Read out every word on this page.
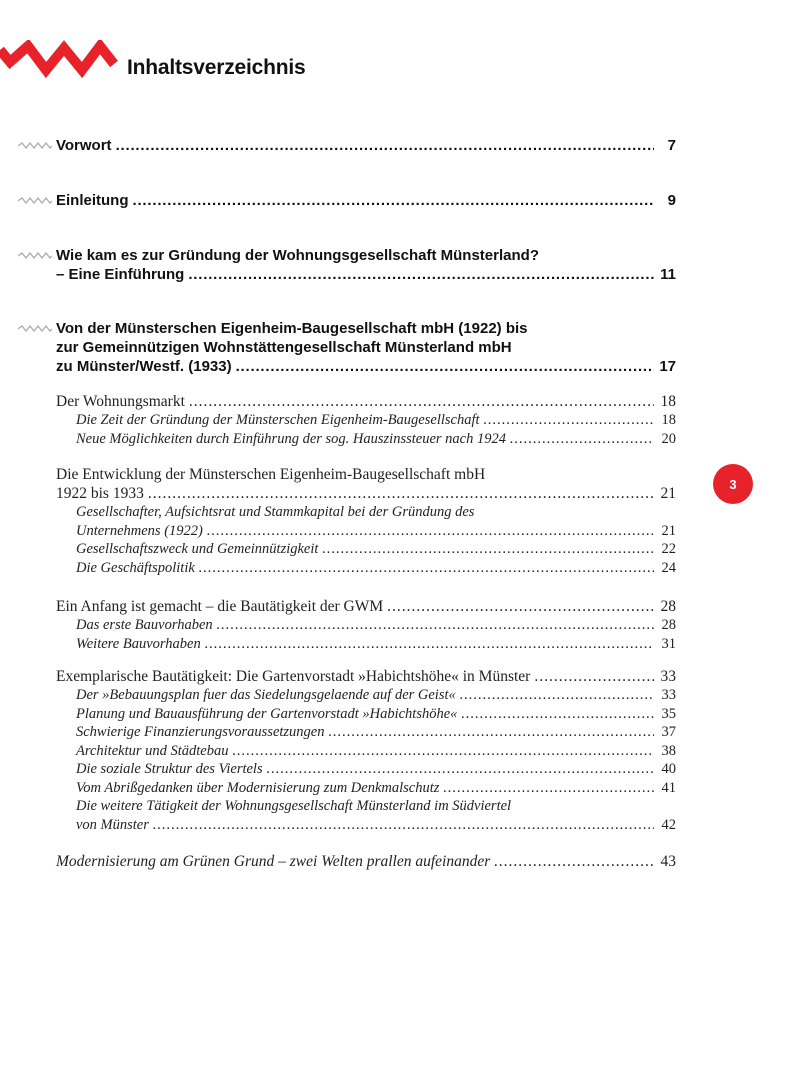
Inhaltsverzeichnis
3
Vorwort .....	7
Einleitung .....	9
Wie kam es zur Gründung der Wohnungsgesellschaft Münsterland?
– Eine Einführung .....	11
Von der Münsterschen Eigenheim-Baugesellschaft mbH (1922) bis
zur Gemeinnützigen Wohnstättengesellschaft Münsterland mbH
zu Münster/Westf. (1933) .....	17
Der Wohnungsmarkt .....	18
Die Zeit der Gründung der Münsterschen Eigenheim-Baugesellschaft .....	18
Neue Möglichkeiten durch Einführung der sog. Hauszinssteuer nach 1924 .....	20
Die Entwicklung der Münsterschen Eigenheim-Baugesellschaft mbH
1922 bis 1933 .....	21
Gesellschafter, Aufsichtsrat und Stammkapital bei der Gründung des
Unternehmens (1922) .....	21
Gesellschaftszweck und Gemeinnützigkeit .....	22
Die Geschäftspolitik .....	24
Ein Anfang ist gemacht – die Bautätigkeit der GWM .....	28
Das erste Bauvorhaben .....	28
Weitere Bauvorhaben .....	31
Exemplarische Bautätigkeit: Die Gartenvorstadt »Habichtshöhe« in Münster .....	33
Der »Bebauungsplan fuer das Siedelungsgelaende auf der Geist« .....	33
Planung und Bauausführung der Gartenvorstadt »Habichtshöhe« .....	35
Schwierige Finanzierungsvoraussetzungen .....	37
Architektur und Städtebau .....	38
Die soziale Struktur des Viertels .....	40
Vom Abrißgedanken über Modernisierung zum Denkmalschutz .....	41
Die weitere Tätigkeit der Wohnungsgesellschaft Münsterland im Südviertel
von Münster .....	42
Modernisierung am Grünen Grund – zwei Welten prallen aufeinander .....	43
